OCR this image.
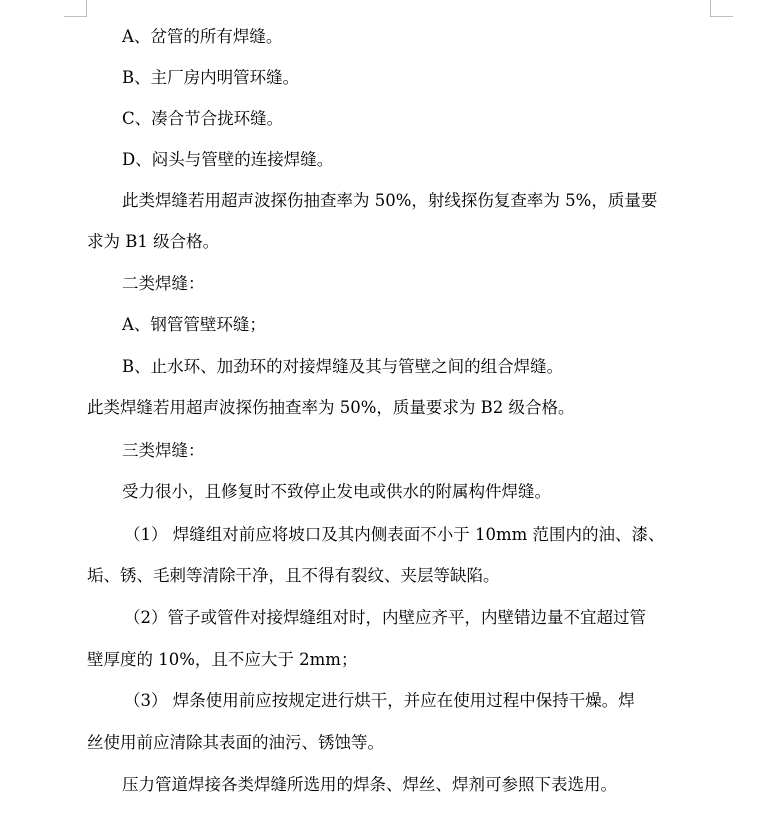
A、岔管的所有焊缝。
B、主厂房内明管环缝。
C、凑合节合拢环缝。
D、闷头与管壁的连接焊缝。
此类焊缝若用超声波探伤抽查率为 50%，射线探伤复查率为 5%，质量要
求为 B1 级合格。
二类焊缝：
A、钢管管壁环缝；
B、止水环、加劲环的对接焊缝及其与管壁之间的组合焊缝。
此类焊缝若用超声波探伤抽查率为 50%，质量要求为 B2 级合格。
三类焊缝：
受力很小，且修复时不致停止发电或供水的附属构件焊缝。
（1） 焊缝组对前应将坡口及其内侧表面不小于 10mm 范围内的油、漆、
垢、锈、毛刺等清除干净，且不得有裂纹、夹层等缺陷。
（2）管子或管件对接焊缝组对时，内壁应齐平，内壁错边量不宜超过管
壁厚度的 10%，且不应大于 2mm；
（3） 焊条使用前应按规定进行烘干，并应在使用过程中保持干燥。焊
丝使用前应清除其表面的油污、锈蚀等。
压力管道焊接各类焊缝所选用的焊条、焊丝、焊剂可参照下表选用。
